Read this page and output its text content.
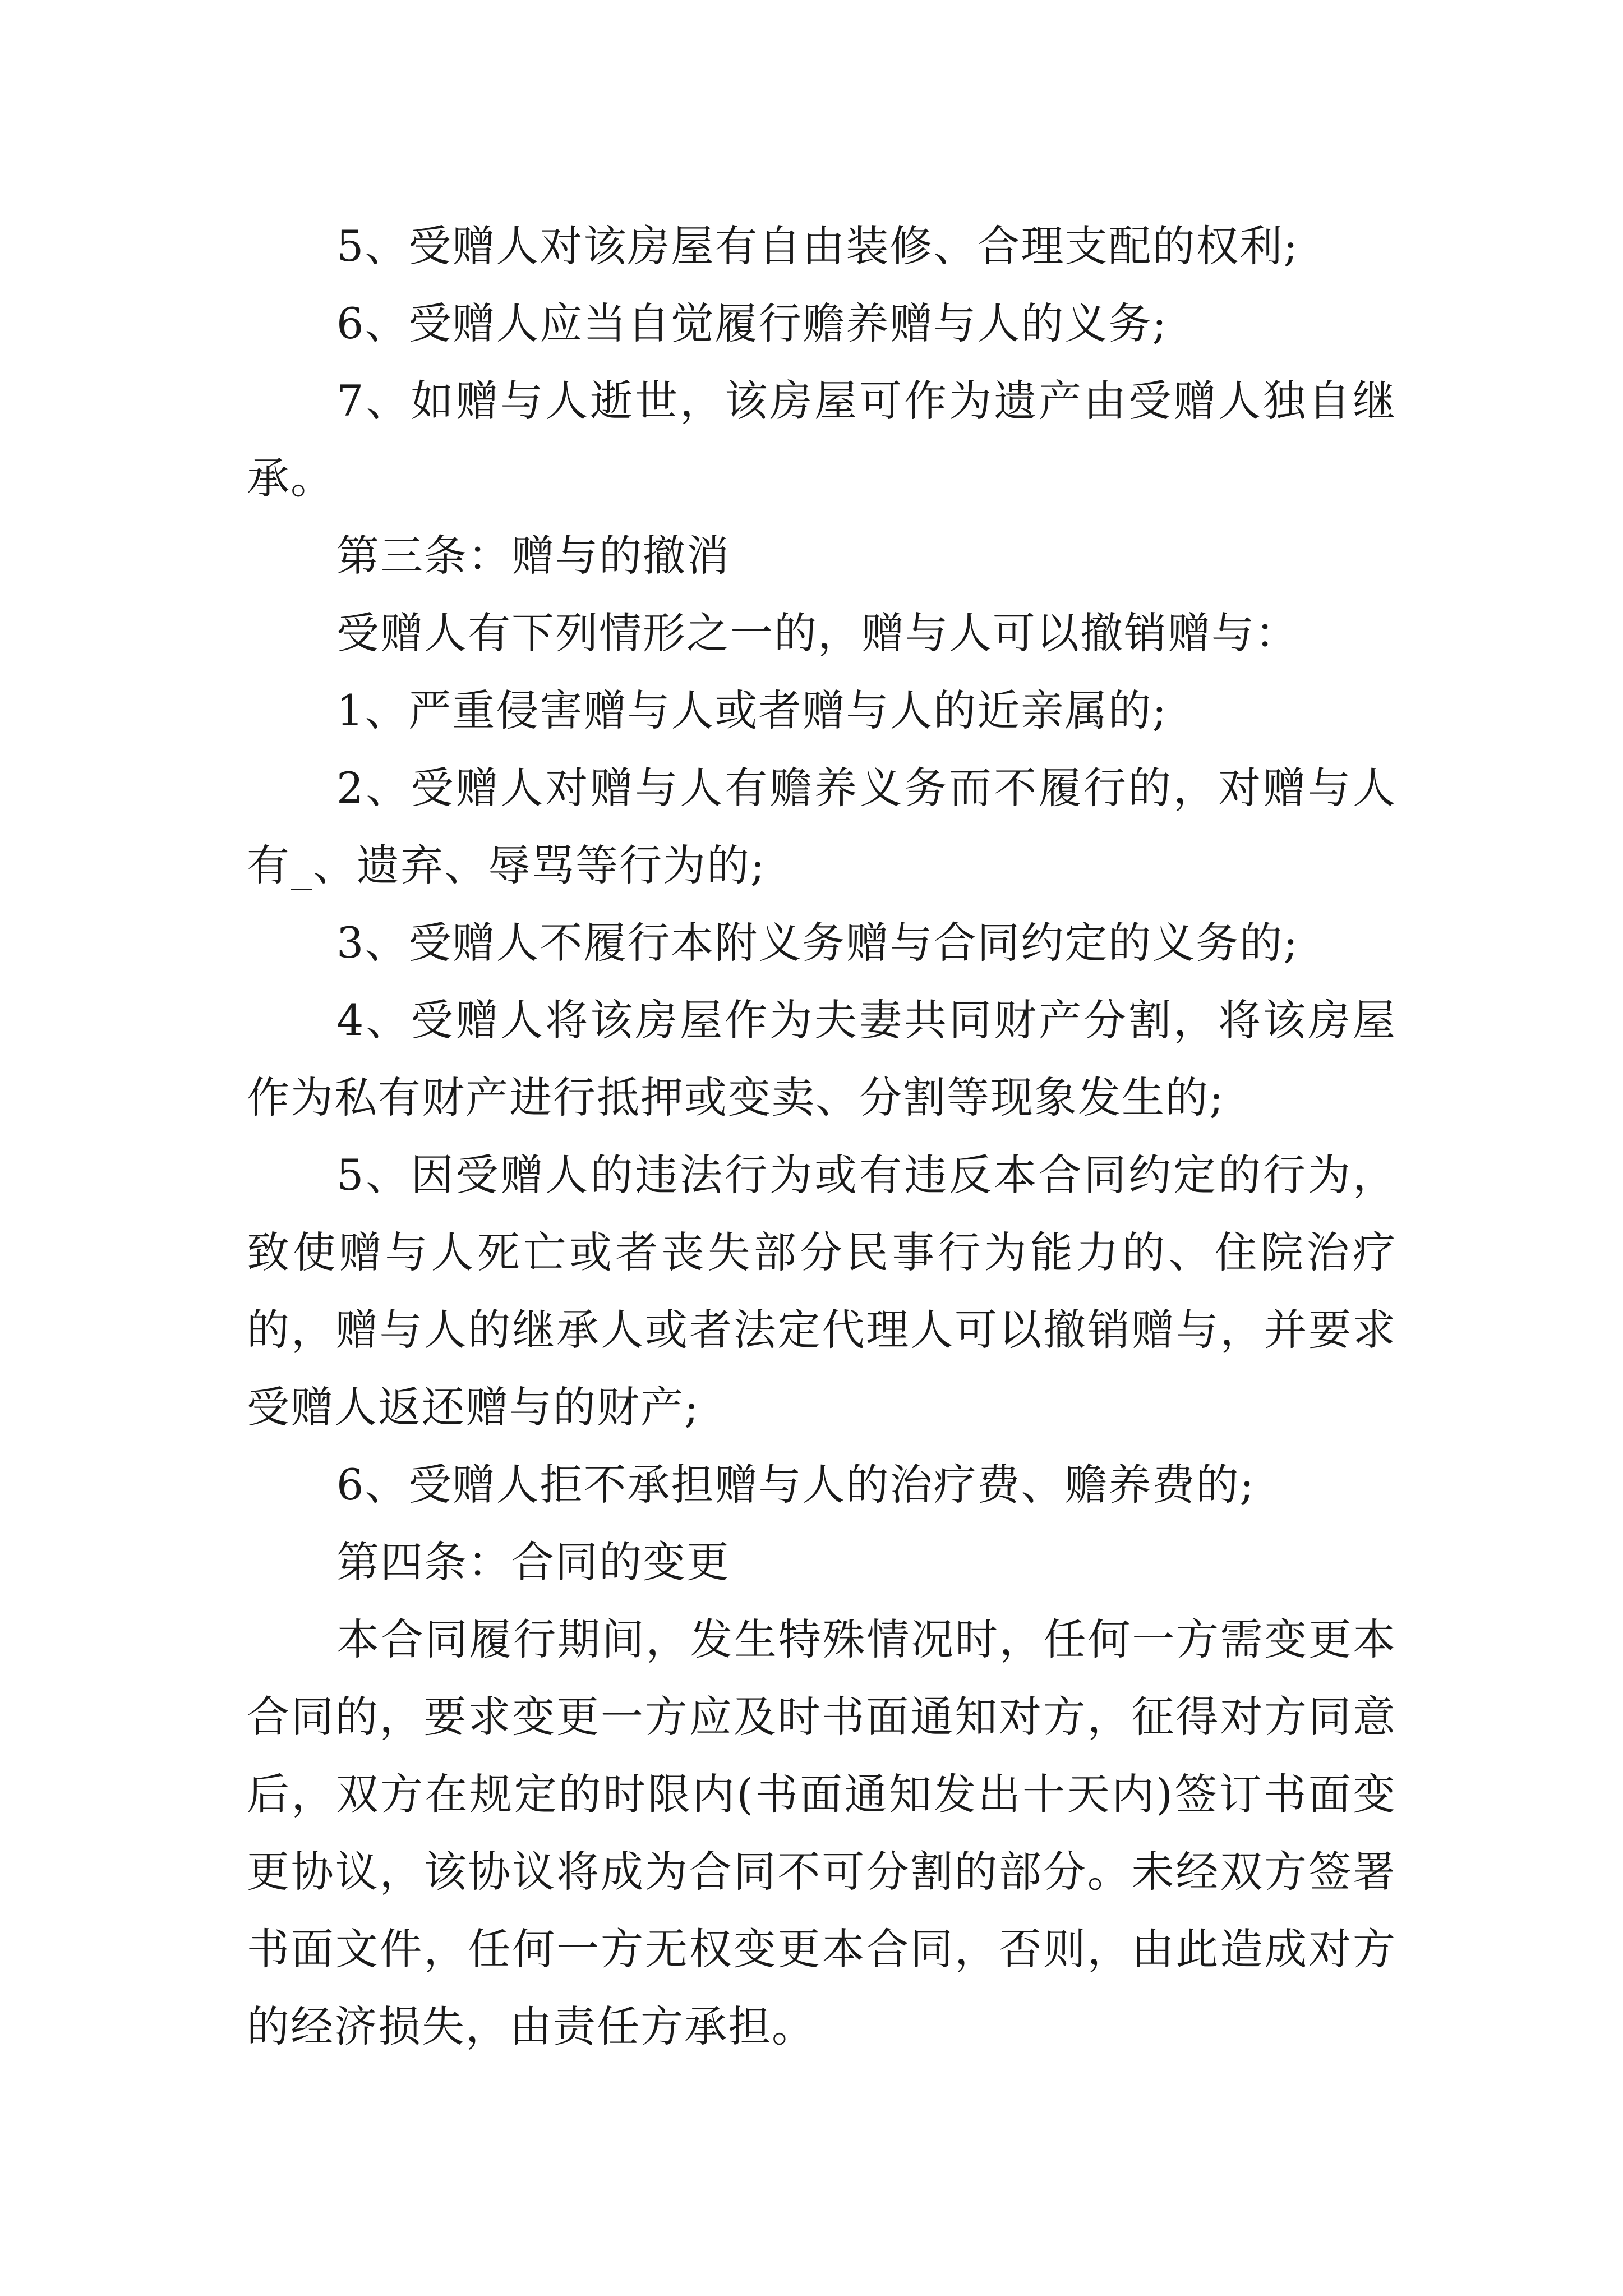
5、受赠人对该房屋有自由装修、合理支配的权利;

6、受赠人应当自觉履行赡养赠与人的义务;

7、如赠与人逝世，该房屋可作为遗产由受赠人独自继承。

第三条：赠与的撤消

受赠人有下列情形之一的，赠与人可以撤销赠与：

1、严重侵害赠与人或者赠与人的近亲属的;

2、受赠人对赠与人有赡养义务而不履行的，对赠与人有_、遗弃、辱骂等行为的;

3、受赠人不履行本附义务赠与合同约定的义务的;

4、受赠人将该房屋作为夫妻共同财产分割，将该房屋作为私有财产进行抵押或变卖、分割等现象发生的;

5、因受赠人的违法行为或有违反本合同约定的行为，致使赠与人死亡或者丧失部分民事行为能力的、住院治疗的，赠与人的继承人或者法定代理人可以撤销赠与，并要求受赠人返还赠与的财产;

6、受赠人拒不承担赠与人的治疗费、赡养费的;

第四条：合同的变更

本合同履行期间，发生特殊情况时，任何一方需变更本合同的，要求变更一方应及时书面通知对方，征得对方同意后，双方在规定的时限内(书面通知发出十天内)签订书面变更协议，该协议将成为合同不可分割的部分。未经双方签署书面文件，任何一方无权变更本合同，否则，由此造成对方的经济损失，由责任方承担。
